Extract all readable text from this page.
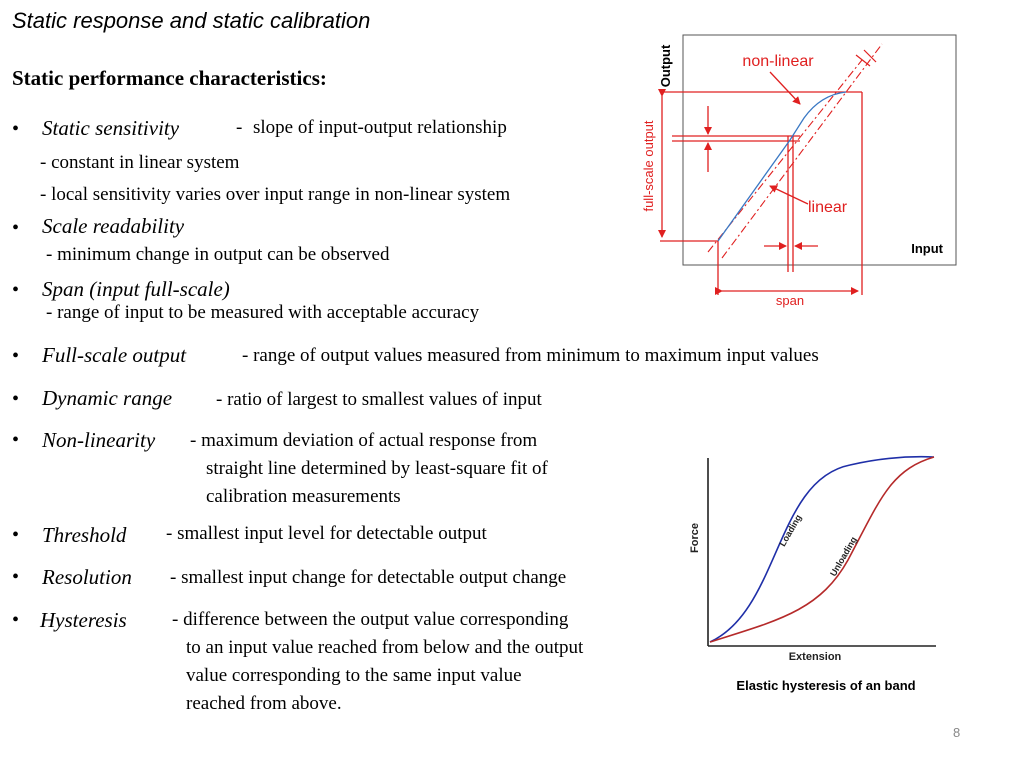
Static response and static calibration
Static performance characteristics:
• Static sensitivity	- slope of input-output relationship
- constant in linear system
- local sensitivity varies over input range in non-linear system
• Scale readability
- minimum change in output can be observed
• Span (input full-scale)
- range of input to be measured with acceptable accuracy
• Full-scale output	- range of output values measured from minimum to maximum input values
• Dynamic range - ratio of largest to smallest values of input
• Non-linearity - maximum deviation of actual response from
straight line determined by least-square fit of
calibration measurements
• Threshold - smallest input level for detectable output
• Resolution - smallest input change for detectable output change
• Hysteresis - difference between the output value corresponding
to an input value reached from below and the output
value corresponding to the same input value
reached from above.
non-linear
linear
Output
Input
full-scale output
span
Force
Extension
Loading
Unloading
Elastic hysteresis of an band
8
